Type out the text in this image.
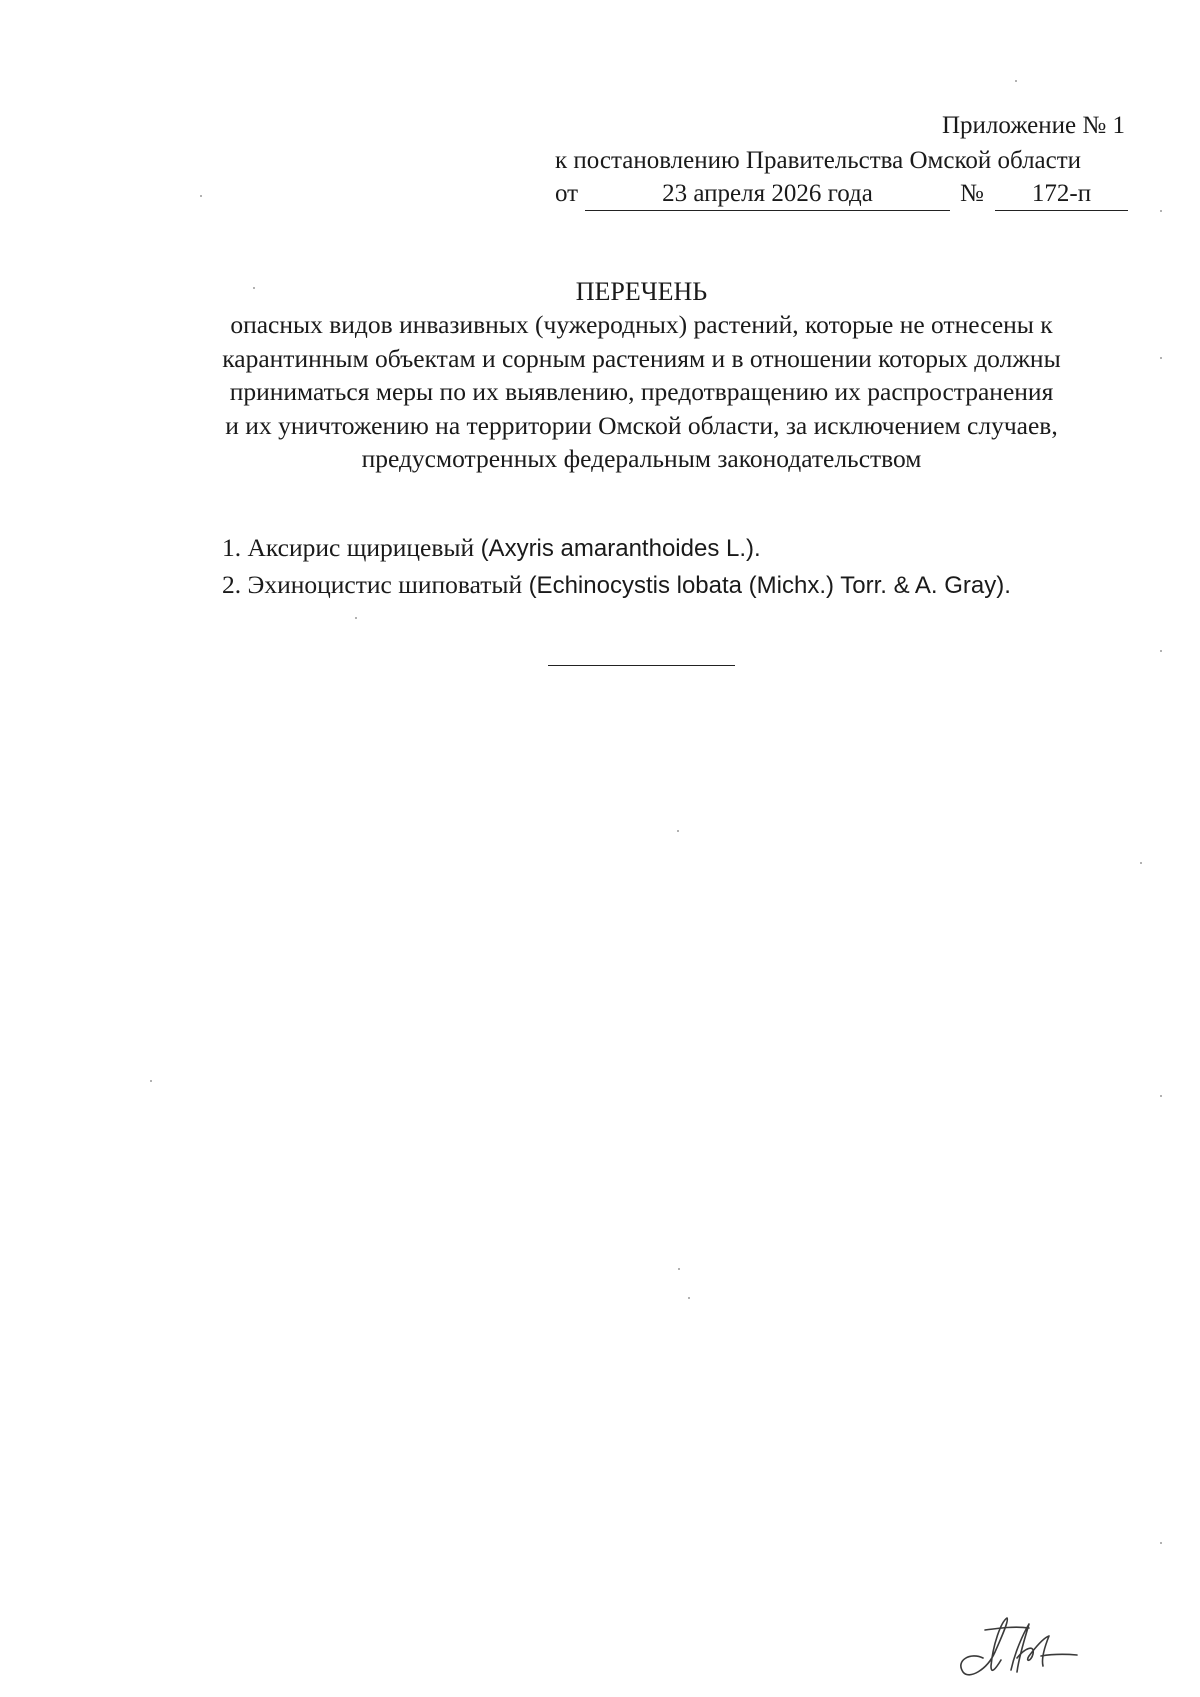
Приложение № 1
к постановлению Правительства Омской области
от	23 апреля 2026 года	№	172-п
ПЕРЕЧЕНЬ
опасных видов инвазивных (чужеродных) растений, которые не отнесены к
карантинным объектам и сорным растениям и в отношении которых должны
приниматься меры по их выявлению, предотвращению их распространения
и их уничтожению на территории Омской области, за исключением случаев,
предусмотренных федеральным законодательством
1. Аксирис щирицевый (Axyris amaranthoides L.).
2. Эхиноцистис шиповатый (Echinocystis lobata (Michx.) Torr. & A. Gray).
